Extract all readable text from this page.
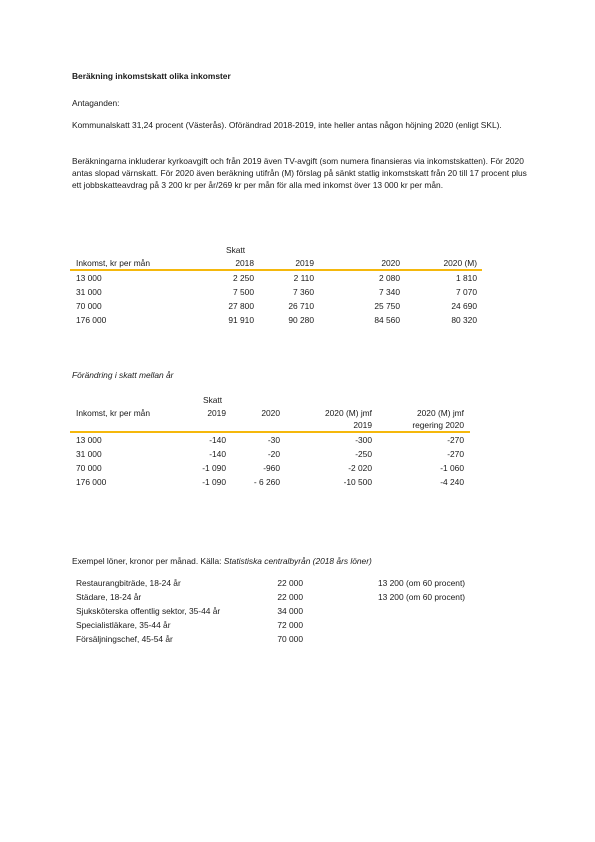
Beräkning inkomstskatt olika inkomster
Antaganden:
Kommunalskatt 31,24 procent (Västerås). Oförändrad 2018-2019, inte heller antas någon höjning 2020 (enligt SKL).
Beräkningarna inkluderar kyrkoavgift och från 2019 även TV-avgift (som numera finansieras via inkomstskatten). För 2020 antas slopad värnskatt. För 2020 även beräkning utifrån (M) förslag på sänkt statlig inkomstskatt från 20 till 17 procent plus ett jobbskatteavdrag på 3 200 kr per år/269 kr per mån för alla med inkomst över 13 000 kr per mån.
Skatt
Inkomst, kr per mån	2018	2019	2020	2020 (M)
13 000	2 250	2 110	2 080	1 810
31 000	7 500	7 360	7 340	7 070
70 000	27 800	26 710	25 750	24 690
176 000	91 910	90 280	84 560	80 320
Förändring i skatt mellan år
Skatt
Inkomst, kr per mån	2019	2020	2020 (M) jmf	2020 (M) jmf
2019	regering 2020
13 000	-140	-30	-300	-270
31 000	-140	-20	-250	-270
70 000	-1 090	-960	-2 020	-1 060
176 000	-1 090	- 6 260	-10 500	-4 240
Exempel löner, kronor per månad. Källa: Statistiska centralbyrån (2018 års löner)
Restaurangbiträde, 18-24 år	22 000	13 200 (om 60 procent)
Städare, 18-24 år	22 000	13 200 (om 60 procent)
Sjuksköterska offentlig sektor, 35-44 år	34 000
Specialistläkare, 35-44 år	72 000
Försäljningschef, 45-54 år	70 000
